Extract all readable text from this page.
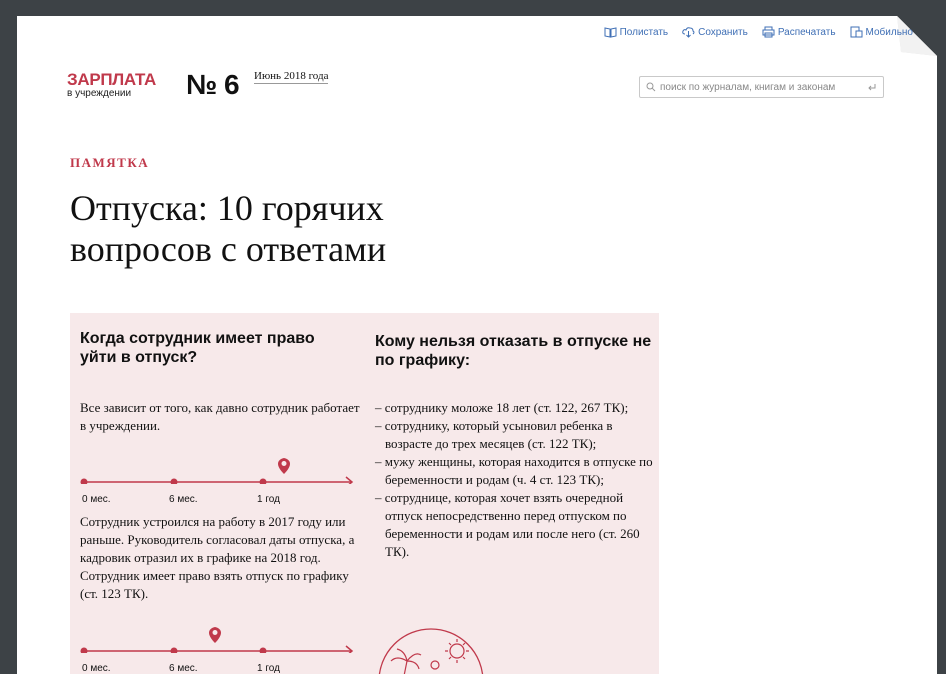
Полистать	Сохранить	Распечатать	Мобильно
ЗАРПЛАТА
в учреждении	№ 6 Июнь 2018 года
поиск по журналам, книгам и законам
ПАМЯТКА
Отпуска: 10 горячих вопросов с ответами
Когда сотрудник имеет право уйти в отпуск?
Все зависит от того, как давно сотрудник работает в учреждении.
0 мес.	6 мес.	1 год
Сотрудник устроился на работу в 2017 году или раньше. Руководитель согласовал даты отпуска, а кадровик отразил их в графике на 2018 год. Сотрудник имеет право взять отпуск по графику (ст. 123 ТК).
0 мес.	6 мес.	1 год
Кому нельзя отказать в отпуске не по графику:
– сотруднику моложе 18 лет (ст. 122, 267 ТК);
– сотруднику, который усыновил ребенка в возрасте до трех месяцев (ст. 122 ТК);
– мужу женщины, которая находится в отпуске по беременности и родам (ч. 4 ст. 123 ТК);
– сотруднице, которая хочет взять очередной отпуск непосредственно перед отпуском по беременности и родам или после него (ст. 260 ТК).
